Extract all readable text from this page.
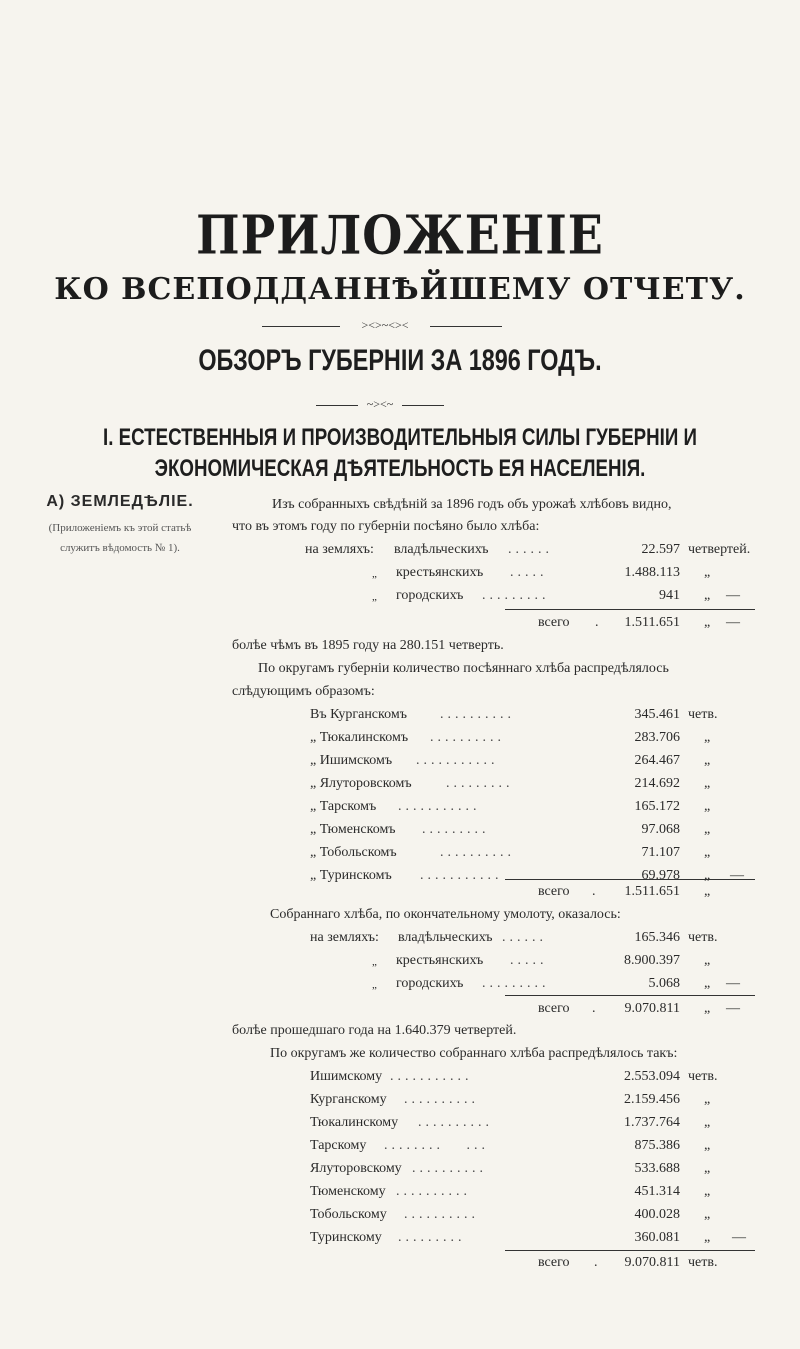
ПРИЛОЖЕНІЕ
КО ВСЕПОДДАННѢЙШЕМУ ОТЧЕТУ.
><>~<><
ОБЗОРЪ ГУБЕРНІИ ЗА 1896 ГОДЪ.
~><~
I. ЕСТЕСТВЕННЫЯ И ПРОИЗВОДИТЕЛЬНЫЯ СИЛЫ ГУБЕРНІИ И
ЭКОНОМИЧЕСКАЯ ДѢЯТЕЛЬНОСТЬ ЕЯ НАСЕЛЕНІЯ.
А) ЗЕМЛЕДѢЛІЕ.
(Приложеніемъ къ этой статьѣ
служитъ вѣдомость № 1).
Изъ собранныхъ свѣдѣній за 1896 годъ объ урожаѣ хлѣбовъ видно,
что въ этомъ году по губерніи посѣяно было хлѣба:
на земляхъ: владѣльческихъ ......	22.597 четвертей.
„ крестьянскихъ .....	1.488.113 „
„ городскихъ .........	941 „ —
всего .	1.511.651 „ —
болѣе чѣмъ въ 1895 году на 280.151 четверть.
По округамъ губерніи количество посѣяннаго хлѣба распредѣлялось
слѣдующимъ образомъ:
Въ Курганскомъ ..........	345.461 четв.
„ Тюкалинскомъ ..........	283.706 „
„ Ишимскомъ ...........	264.467 „
„ Ялуторовскомъ .........	214.692 „
„ Тарскомъ ...........	165.172 „
„ Тюменскомъ .........	97.068 „
„ Тобольскомъ	..........	71.107 „
„ Туринскомъ ...........	69.978 „ —
всего .	1.511.651 „
Собраннаго хлѣба, по окончательному умолоту, оказалось:
на земляхъ: владѣльческихъ ......	165.346 четв.
„ крестьянскихъ .....	8.900.397 „
„ городскихъ .........	5.068 „ —
всего .	9.070.811 „ —
болѣе прошедшаго года на 1.640.379 четвертей.
По округамъ же количество собраннаго хлѣба распредѣлялось такъ:
Ишимскому ...........	2.553.094 четв.
Курганскому ..........	2.159.456 „
Тюкалинскому ..........	1.737.764 „
Тарскому ........   ...	875.386 „
Ялуторовскому ..........	533.688 „
Тюменскому ..........	451.314 „
Тобольскому ..........	400.028 „
Туринскому .........	360.081 „ —
всего .	9.070.811 четв.
